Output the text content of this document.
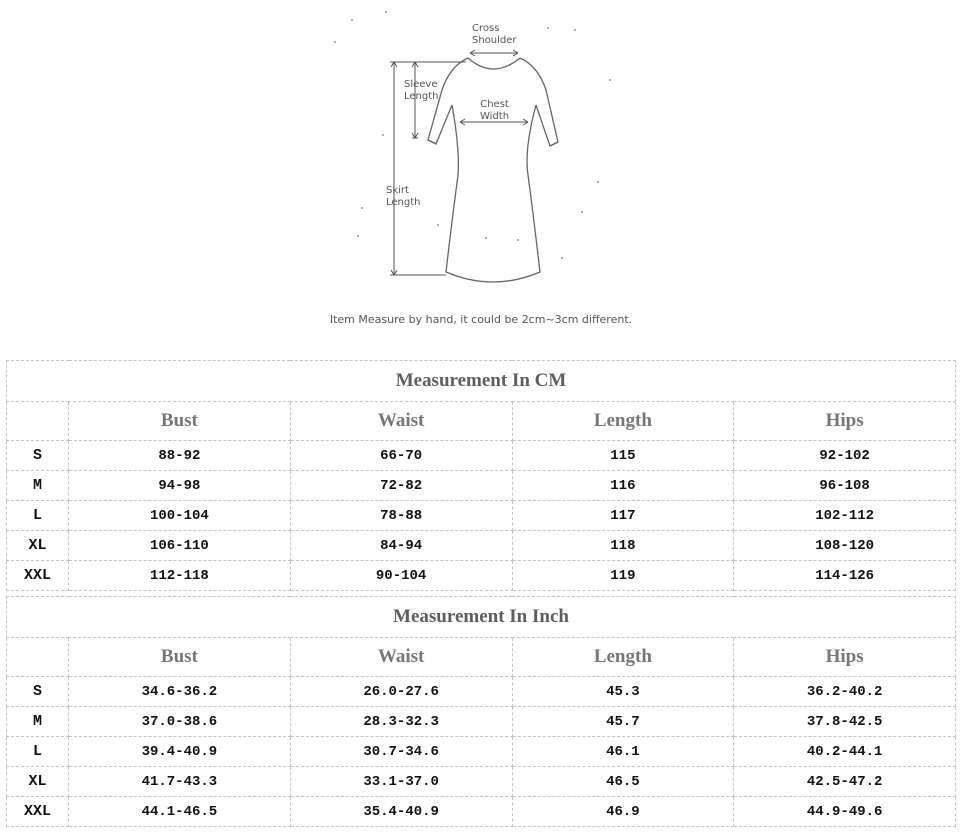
Cross
Shoulder
Sleeve
Length
Chest
Width
Skirt
Length
Item Measure by hand, it could be 2cm~3cm different.
Measurement In CM				
	Bust	Waist	Length	Hips
S	88-92	66-70	115	92-102
M	94-98	72-82	116	96-108
L	100-104	78-88	117	102-112
XL	106-110	84-94	118	108-120
XXL	112-118	90-104	119	114-126
Measurement In Inch				
	Bust	Waist	Length	Hips
S	34.6-36.2	26.0-27.6	45.3	36.2-40.2
M	37.0-38.6	28.3-32.3	45.7	37.8-42.5
L	39.4-40.9	30.7-34.6	46.1	40.2-44.1
XL	41.7-43.3	33.1-37.0	46.5	42.5-47.2
XXL	44.1-46.5	35.4-40.9	46.9	44.9-49.6
